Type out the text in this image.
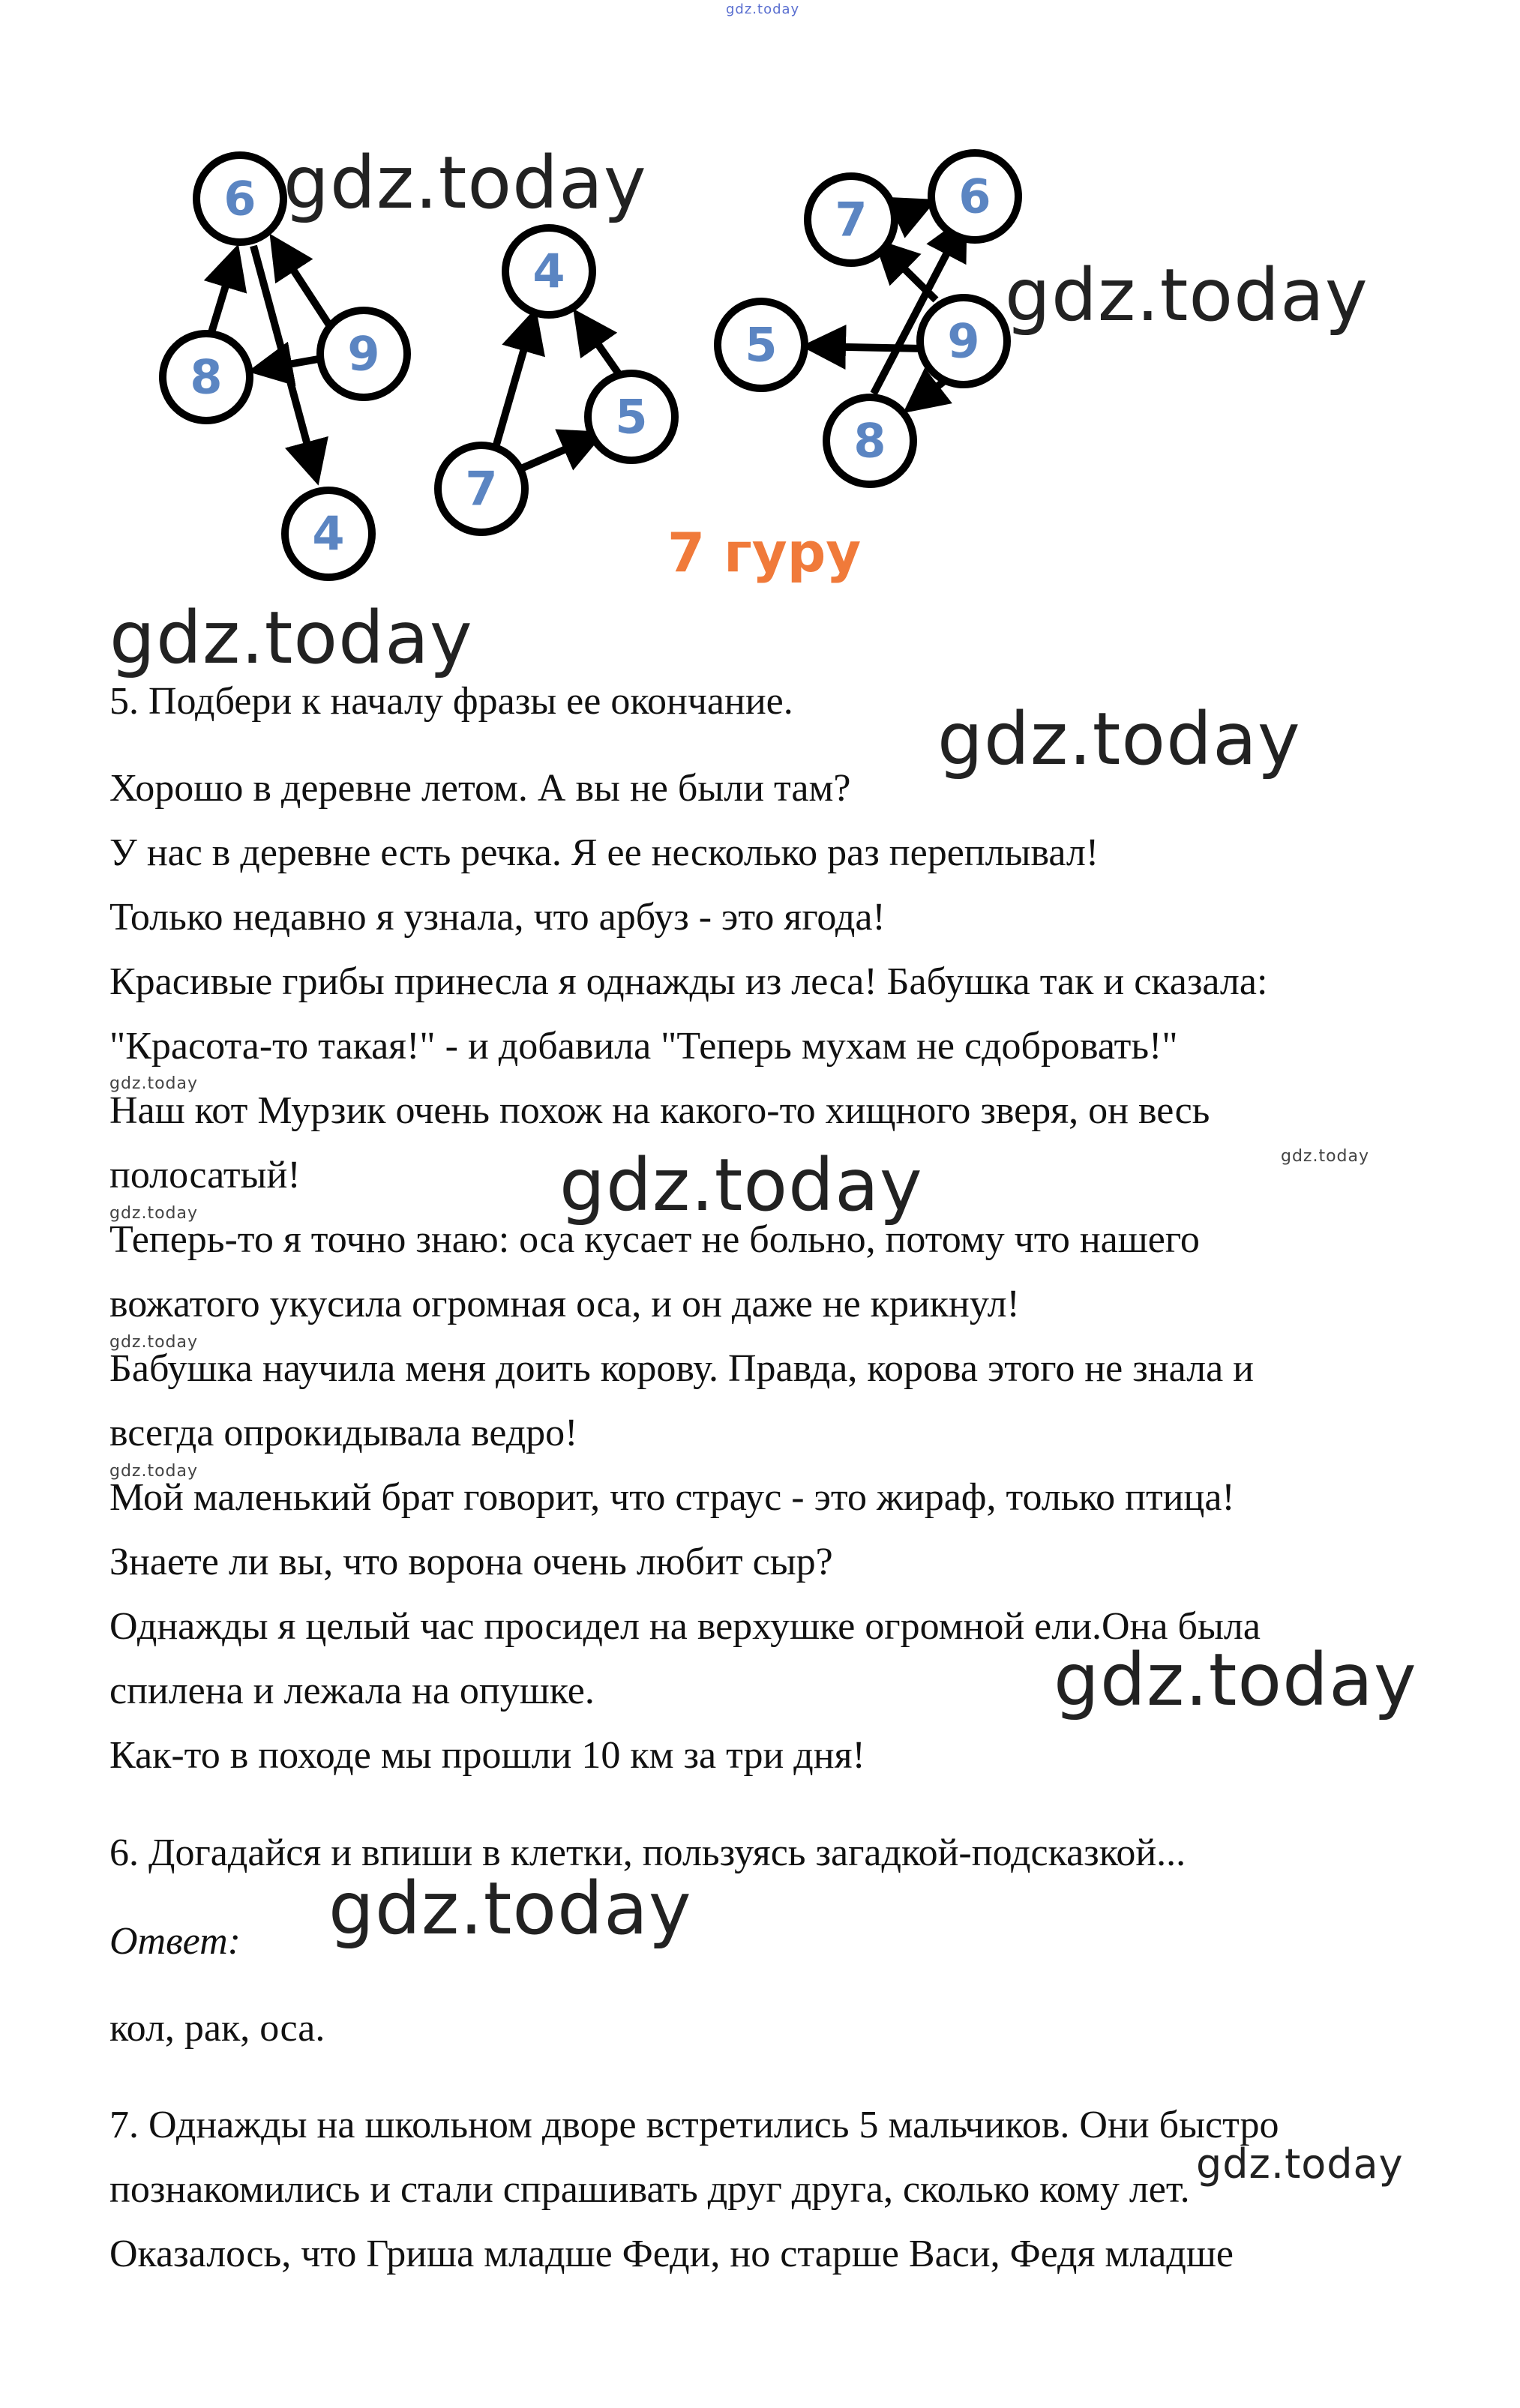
gdz.today
6
8	9
4
4
5
7
7 6
5	9
8
7 гуру
gdz.today
gdz.today
gdz.today
gdz.today
gdz.today
gdz.today
gdz.today
gdz.today
gdz.today
gdz.today
gdz.today
gdz.today
gdz.today
5. Подбери к началу фразы ее окончание.
Хорошо в деревне летом. А вы не были там?
У нас в деревне есть речка. Я ее несколько раз переплывал!
Только недавно я узнала, что арбуз - это ягода!
Красивые грибы принесла я однажды из леса! Бабушка так и сказала:
"Красота-то такая!" - и добавила "Теперь мухам не сдобровать!"
Наш кот Мурзик очень похож на какого-то хищного зверя, он весь
полосатый!
Теперь-то я точно знаю: оса кусает не больно, потому что нашего
вожатого укусила огромная оса, и он даже не крикнул!
Бабушка научила меня доить корову. Правда, корова этого не знала и
всегда опрокидывала ведро!
Мой маленький брат говорит, что страус - это жираф, только птица!
Знаете ли вы, что ворона очень любит сыр?
Однажды я целый час просидел на верхушке огромной ели.Она была
спилена и лежала на опушке.
Как-то в походе мы прошли 10 км за три дня!
6. Догадайся и впиши в клетки, пользуясь загадкой-подсказкой...
Ответ:
кол, рак, оса.
7. Однажды на школьном дворе встретились 5 мальчиков. Они быстро
познакомились и стали спрашивать друг друга, сколько кому лет.
Оказалось, что Гриша младше Феди, но старше Васи, Федя младше
